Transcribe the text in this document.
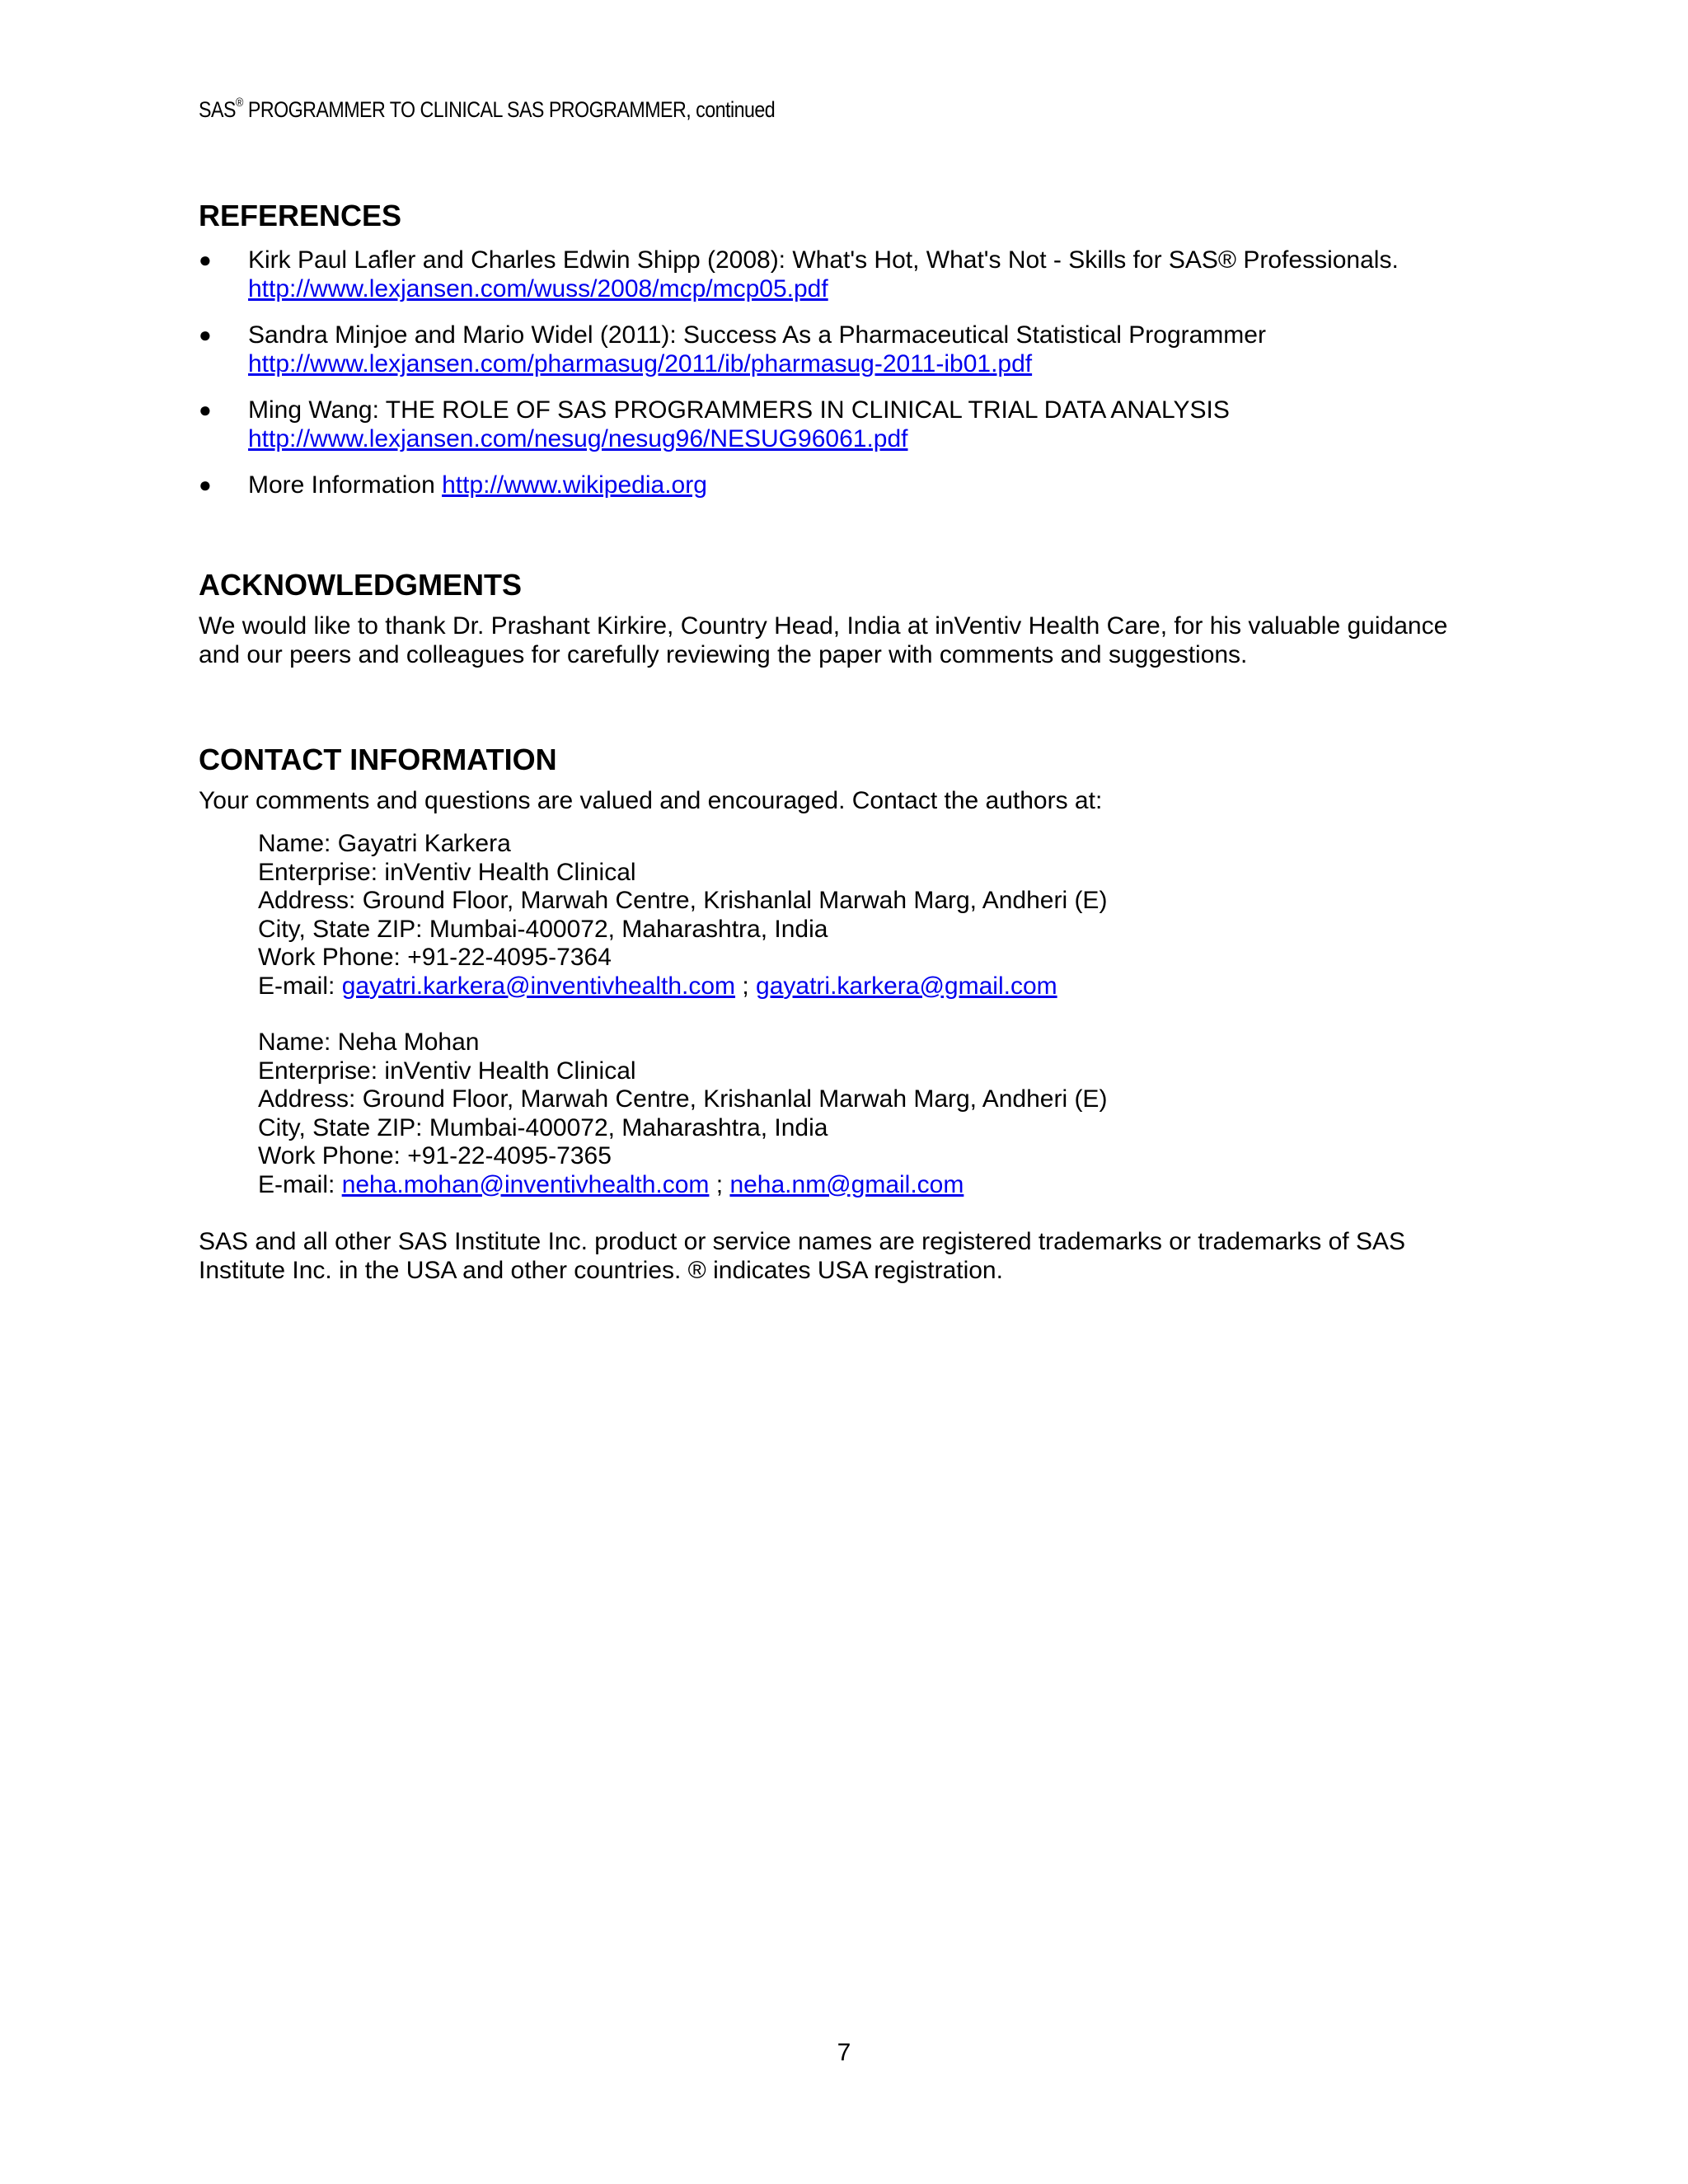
SAS® PROGRAMMER TO CLINICAL SAS PROGRAMMER, continued
REFERENCES
● Kirk Paul Lafler and Charles Edwin Shipp (2008): What's Hot, What's Not - Skills for SAS® Professionals.
http://www.lexjansen.com/wuss/2008/mcp/mcp05.pdf
● Sandra Minjoe and Mario Widel (2011): Success As a Pharmaceutical Statistical Programmer
http://www.lexjansen.com/pharmasug/2011/ib/pharmasug-2011-ib01.pdf
● Ming Wang: THE ROLE OF SAS PROGRAMMERS IN CLINICAL TRIAL DATA ANALYSIS
http://www.lexjansen.com/nesug/nesug96/NESUG96061.pdf
● More Information http://www.wikipedia.org
ACKNOWLEDGMENTS
We would like to thank Dr. Prashant Kirkire, Country Head, India at inVentiv Health Care, for his valuable guidance and our peers and colleagues for carefully reviewing the paper with comments and suggestions.
CONTACT INFORMATION
Your comments and questions are valued and encouraged. Contact the authors at:
Name: Gayatri Karkera
Enterprise: inVentiv Health Clinical
Address: Ground Floor, Marwah Centre, Krishanlal Marwah Marg, Andheri (E)
City, State ZIP: Mumbai-400072, Maharashtra, India
Work Phone: +91-22-4095-7364
E-mail: gayatri.karkera@inventivhealth.com ; gayatri.karkera@gmail.com
Name: Neha Mohan
Enterprise: inVentiv Health Clinical
Address: Ground Floor, Marwah Centre, Krishanlal Marwah Marg, Andheri (E)
City, State ZIP: Mumbai-400072, Maharashtra, India
Work Phone: +91-22-4095-7365
E-mail: neha.mohan@inventivhealth.com ; neha.nm@gmail.com
SAS and all other SAS Institute Inc. product or service names are registered trademarks or trademarks of SAS Institute Inc. in the USA and other countries. ® indicates USA registration.
7
